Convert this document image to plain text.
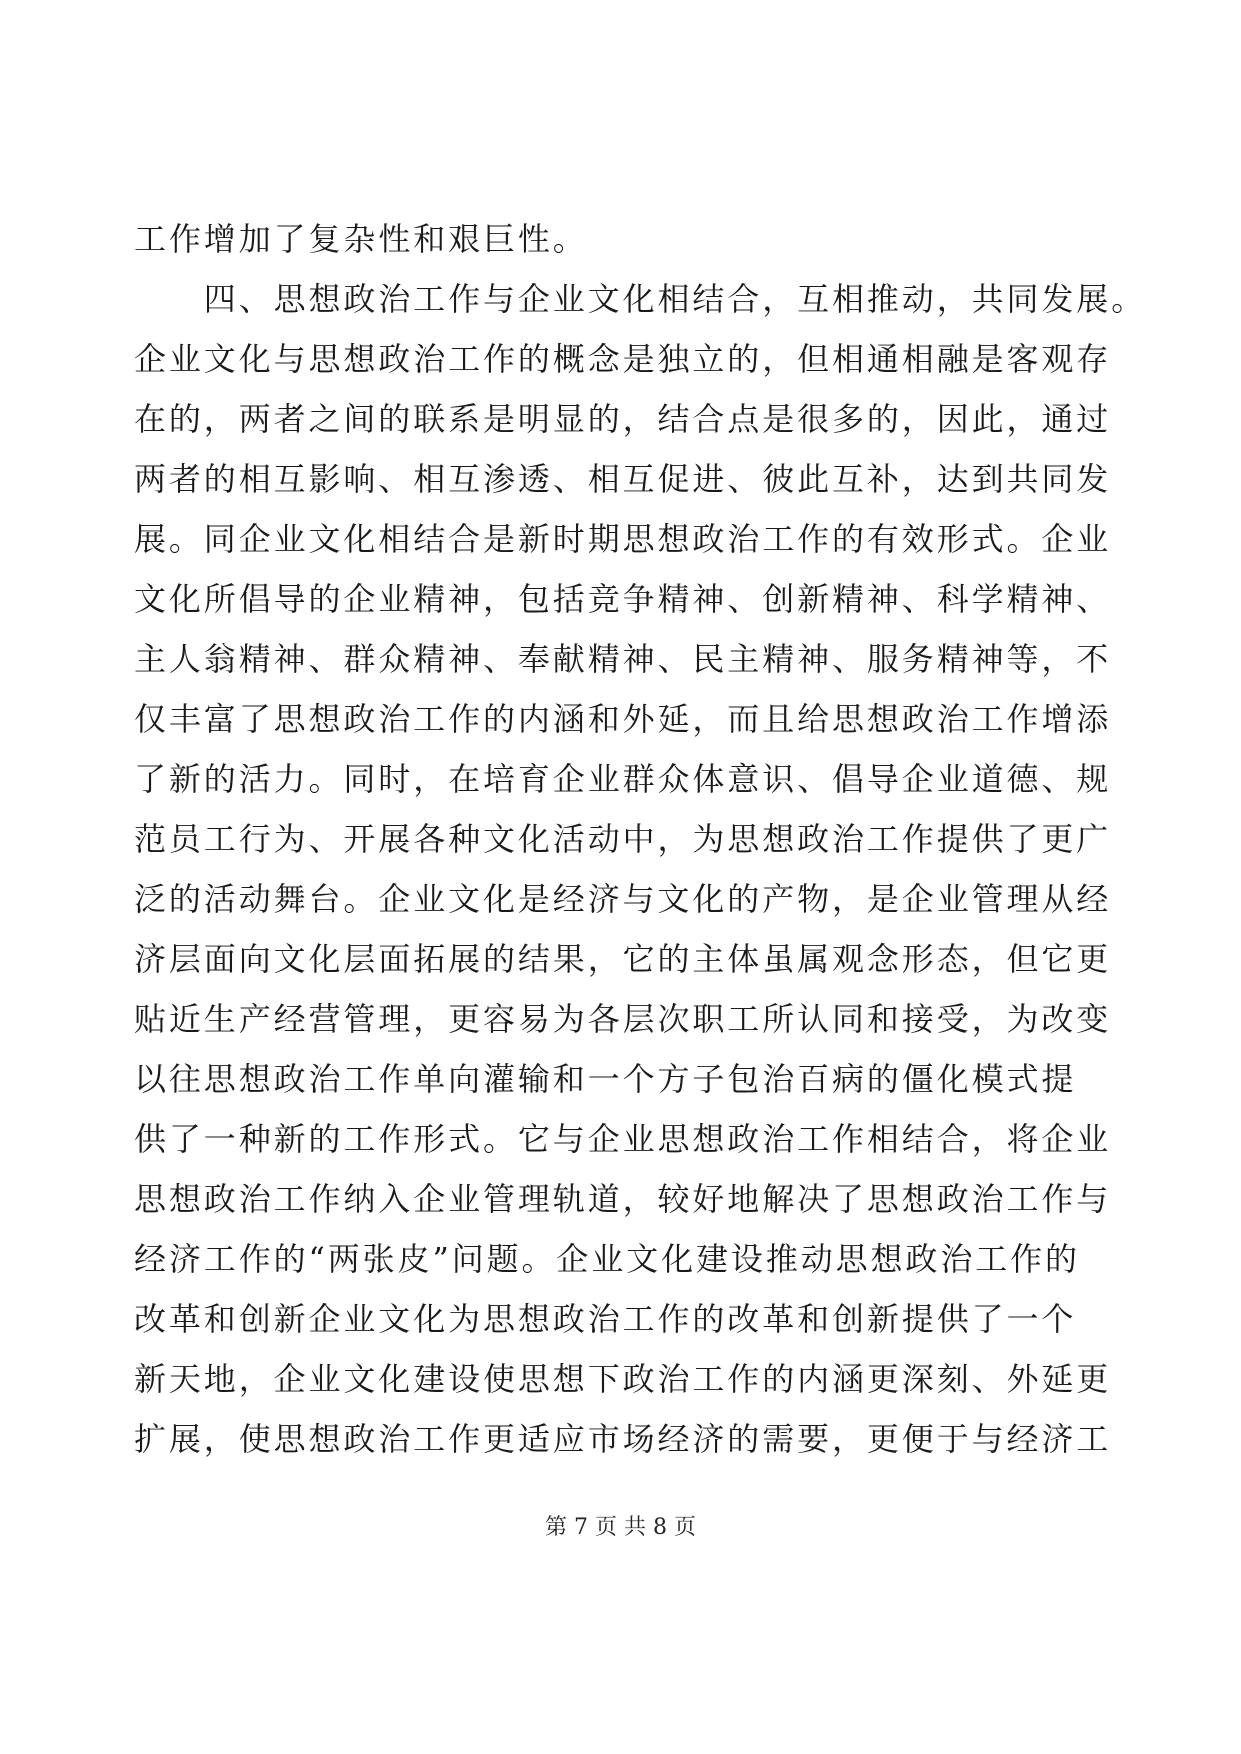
工作增加了复杂性和艰巨性。
　　四、思想政治工作与企业文化相结合，互相推动，共同发展。
企业文化与思想政治工作的概念是独立的，但相通相融是客观存
在的，两者之间的联系是明显的，结合点是很多的，因此，通过
两者的相互影响、相互渗透、相互促进、彼此互补，达到共同发
展。同企业文化相结合是新时期思想政治工作的有效形式。企业
文化所倡导的企业精神，包括竞争精神、创新精神、科学精神、
主人翁精神、群众精神、奉献精神、民主精神、服务精神等，不
仅丰富了思想政治工作的内涵和外延，而且给思想政治工作增添
了新的活力。同时，在培育企业群众体意识、倡导企业道德、规
范员工行为、开展各种文化活动中，为思想政治工作提供了更广
泛的活动舞台。企业文化是经济与文化的产物，是企业管理从经
济层面向文化层面拓展的结果，它的主体虽属观念形态，但它更
贴近生产经营管理，更容易为各层次职工所认同和接受，为改变
以往思想政治工作单向灌输和一个方子包治百病的僵化模式提
供了一种新的工作形式。它与企业思想政治工作相结合，将企业
思想政治工作纳入企业管理轨道，较好地解决了思想政治工作与
经济工作的“两张皮”问题。企业文化建设推动思想政治工作的
改革和创新企业文化为思想政治工作的改革和创新提供了一个
新天地，企业文化建设使思想下政治工作的内涵更深刻、外延更
扩展，使思想政治工作更适应市场经济的需要，更便于与经济工
第 7 页 共 8 页
